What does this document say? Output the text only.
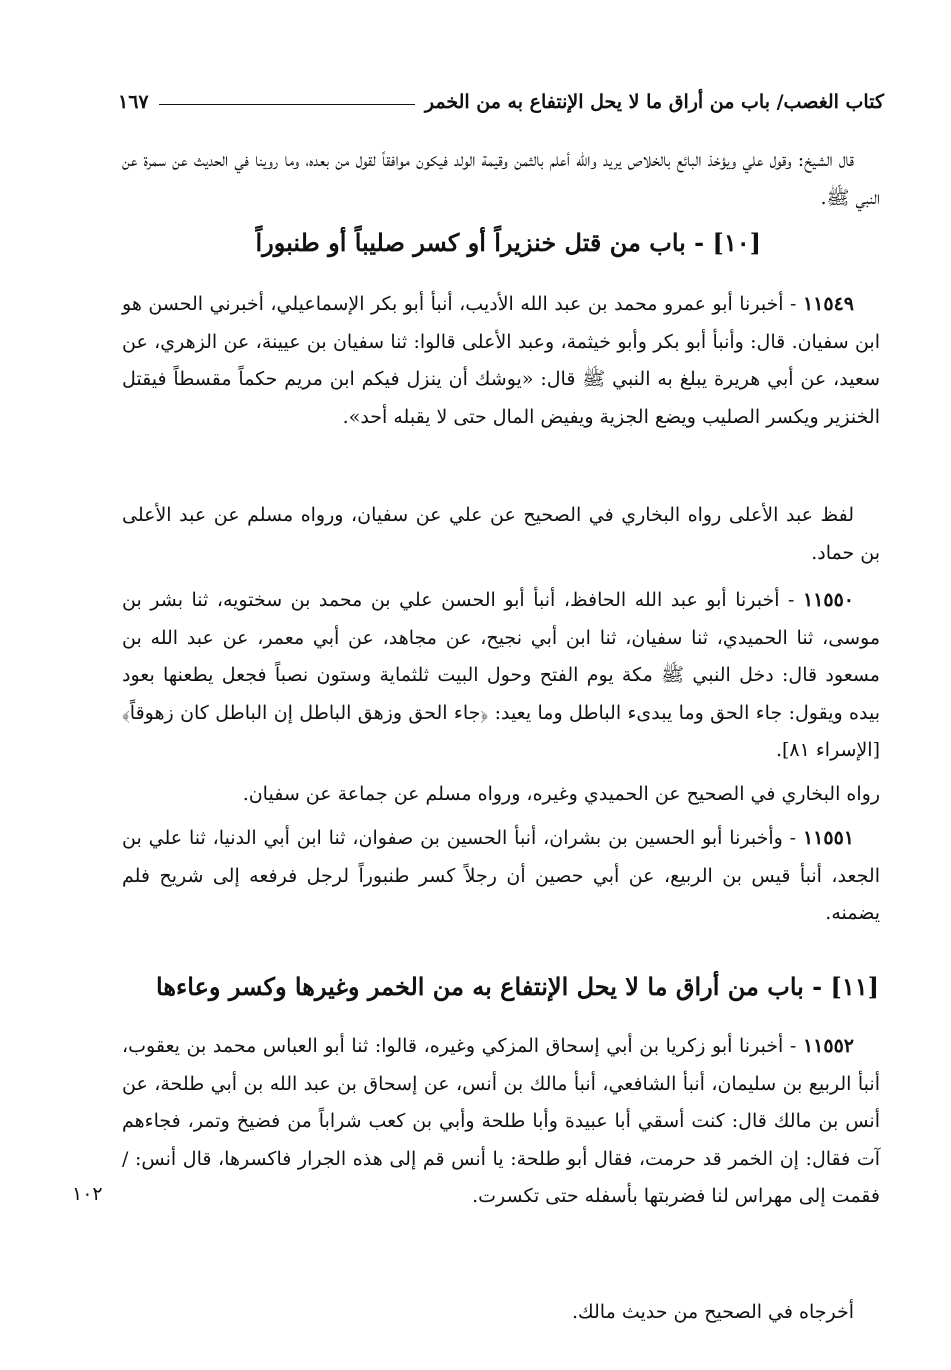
كتاب الغصب/ باب من أراق ما لا يحل الإنتفاع به من الخمر
١٦٧

قال الشيخ: وقول علي ويؤخذ البائع بالخلاص يريد والله أعلم بالثمن وقيمة الولد فيكون موافقاً لقول من بعده، وما روينا في الحديث عن سمرة عن النبي ﷺ.

[١٠] - باب من قتل خنزيراً أو كسر صليباً أو طنبوراً

١١٥٤٩ - أخبرنا أبو عمرو محمد بن عبد الله الأديب، أنبأ أبو بكر الإسماعيلي، أخبرني الحسن هو ابن سفيان. قال: وأنبأ أبو بكر وأبو خيثمة، وعبد الأعلى قالوا: ثنا سفيان بن عيينة، عن الزهري، عن سعيد، عن أبي هريرة يبلغ به النبي ﷺ قال: «يوشك أن ينزل فيكم ابن مريم حكماً مقسطاً فيقتل الخنزير ويكسر الصليب ويضع الجزية ويفيض المال حتى لا يقبله أحد».

لفظ عبد الأعلى رواه البخاري في الصحيح عن علي عن سفيان، ورواه مسلم عن عبد الأعلى بن حماد.

١١٥٥٠ - أخبرنا أبو عبد الله الحافظ، أنبأ أبو الحسن علي بن محمد بن سختويه، ثنا بشر بن موسى، ثنا الحميدي، ثنا سفيان، ثنا ابن أبي نجيح، عن مجاهد، عن أبي معمر، عن عبد الله بن مسعود قال: دخل النبي ﷺ مكة يوم الفتح وحول البيت ثلثماية وستون نصباً فجعل يطعنها بعود بيده ويقول: جاء الحق وما يبدىء الباطل وما يعيد: ﴿جاء الحق وزهق الباطل إن الباطل كان زهوقاً﴾ [الإسراء ٨١].

رواه البخاري في الصحيح عن الحميدي وغيره، ورواه مسلم عن جماعة عن سفيان.

١١٥٥١ - وأخبرنا أبو الحسين بن بشران، أنبأ الحسين بن صفوان، ثنا ابن أبي الدنيا، ثنا علي بن الجعد، أنبأ قيس بن الربيع، عن أبي حصين أن رجلاً كسر طنبوراً لرجل فرفعه إلى شريح فلم يضمنه.

[١١] - باب من أراق ما لا يحل الإنتفاع به من الخمر وغيرها وكسر وعاءها

١١٥٥٢ - أخبرنا أبو زكريا بن أبي إسحاق المزكي وغيره، قالوا: ثنا أبو العباس محمد بن يعقوب، أنبأ الربيع بن سليمان، أنبأ الشافعي، أنبأ مالك بن أنس، عن إسحاق بن عبد الله بن أبي طلحة، عن أنس بن مالك قال: كنت أسقي أبا عبيدة وأبا طلحة وأبي بن كعب شراباً من فضيخ وتمر، فجاءهم آت فقال: إن الخمر قد حرمت، فقال أبو طلحة: يا أنس قم إلى هذه الجرار فاكسرها، قال أنس: / فقمت إلى مهراس لنا فضربتها بأسفله حتى تكسرت.

أخرجاه في الصحيح من حديث مالك.

١٠٢
